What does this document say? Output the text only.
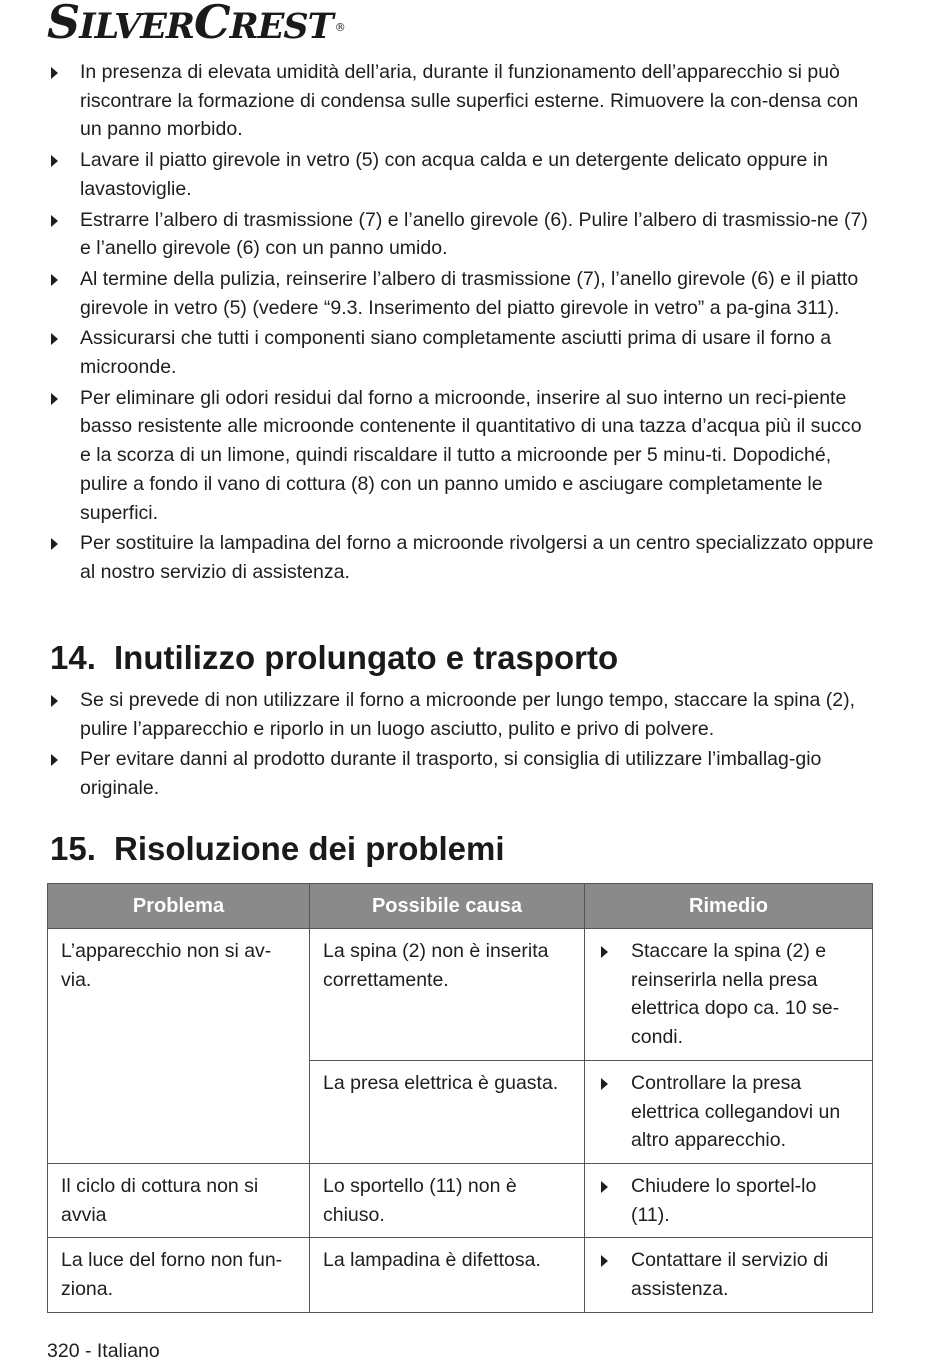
SILVERCREST ®
In presenza di elevata umidità dell’aria, durante il funzionamento dell’apparecchio si può riscontrare la formazione di condensa sulle superfici esterne. Rimuovere la con-densa con un panno morbido.
Lavare il piatto girevole in vetro (5) con acqua calda e un detergente delicato oppure in lavastoviglie.
Estrarre l’albero di trasmissione (7) e l’anello girevole (6). Pulire l’albero di trasmissio-ne (7) e l’anello girevole (6) con un panno umido.
Al termine della pulizia, reinserire l’albero di trasmissione (7), l’anello girevole (6) e il piatto girevole in vetro (5) (vedere “9.3. Inserimento del piatto girevole in vetro” a pa-gina 311).
Assicurarsi che tutti i componenti siano completamente asciutti prima di usare il forno a microonde.
Per eliminare gli odori residui dal forno a microonde, inserire al suo interno un reci-piente basso resistente alle microonde contenente il quantitativo di una tazza d’acqua più il succo e la scorza di un limone, quindi riscaldare il tutto a microonde per 5 minu-ti. Dopodiché, pulire a fondo il vano di cottura (8) con un panno umido e asciugare completamente le superfici.
Per sostituire la lampadina del forno a microonde rivolgersi a un centro specializzato oppure al nostro servizio di assistenza.
14. Inutilizzo prolungato e trasporto
Se si prevede di non utilizzare il forno a microonde per lungo tempo, staccare la spina (2), pulire l’apparecchio e riporlo in un luogo asciutto, pulito e privo di polvere.
Per evitare danni al prodotto durante il trasporto, si consiglia di utilizzare l’imballag-gio originale.
15. Risoluzione dei problemi
Problema	Possibile causa	Rimedio
L’apparecchio non si av-via.	La spina (2) non è inserita correttamente.	Staccare la spina (2) e reinserirla nella presa elettrica dopo ca. 10 se-condi.
	La presa elettrica è guasta.	Controllare la presa elettrica collegandovi un altro apparecchio.
Il ciclo di cottura non si avvia	Lo sportello (11) non è chiuso.	Chiudere lo sportel-lo (11).
La luce del forno non fun-ziona.	La lampadina è difettosa.	Contattare il servizio di assistenza.
320 - Italiano
